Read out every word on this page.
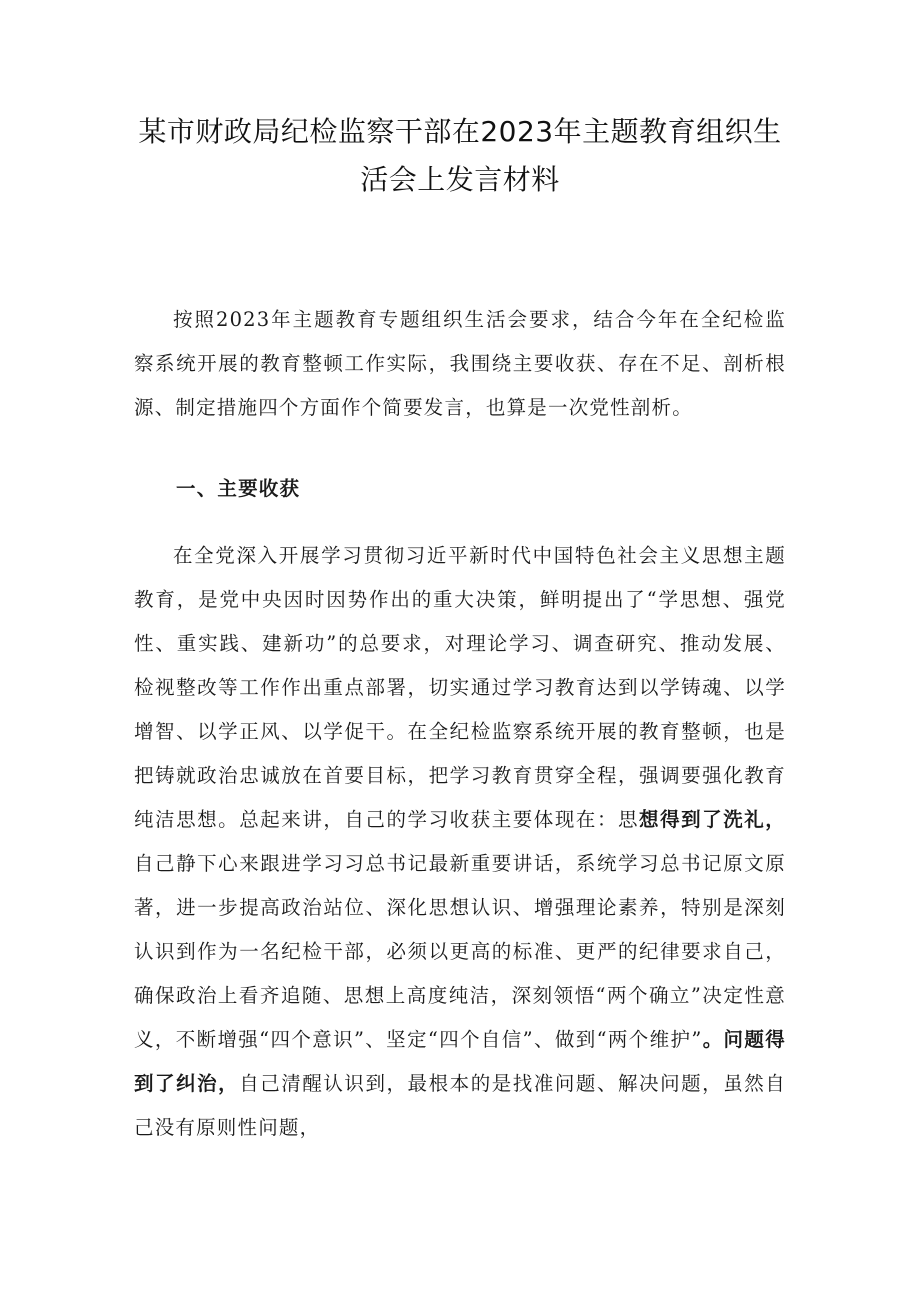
某市财政局纪检监察干部在2023年主题教育组织生
活会上发言材料

按照2023年主题教育专题组织生活会要求，结合今年在全纪检监察系统开展的教育整顿工作实际，我围绕主要收获、存在不足、剖析根源、制定措施四个方面作个简要发言，也算是一次党性剖析。

一、主要收获

在全党深入开展学习贯彻习近平新时代中国特色社会主义思想主题教育，是党中央因时因势作出的重大决策，鲜明提出了“学思想、强党性、重实践、建新功”的总要求，对理论学习、调查研究、推动发展、检视整改等工作作出重点部署，切实通过学习教育达到以学铸魂、以学增智、以学正风、以学促干。在全纪检监察系统开展的教育整顿，也是把铸就政治忠诚放在首要目标，把学习教育贯穿全程，强调要强化教育纯洁思想。总起来讲，自己的学习收获主要体现在：思想得到了洗礼，自己静下心来跟进学习习总书记最新重要讲话，系统学习总书记原文原著，进一步提高政治站位、深化思想认识、增强理论素养，特别是深刻认识到作为一名纪检干部，必须以更高的标准、更严的纪律要求自己，确保政治上看齐追随、思想上高度纯洁，深刻领悟“两个确立”决定性意义，不断增强“四个意识”、坚定“四个自信”、做到“两个维护”。问题得到了纠治，自己清醒认识到，最根本的是找准问题、解决问题，虽然自己没有原则性问题，
